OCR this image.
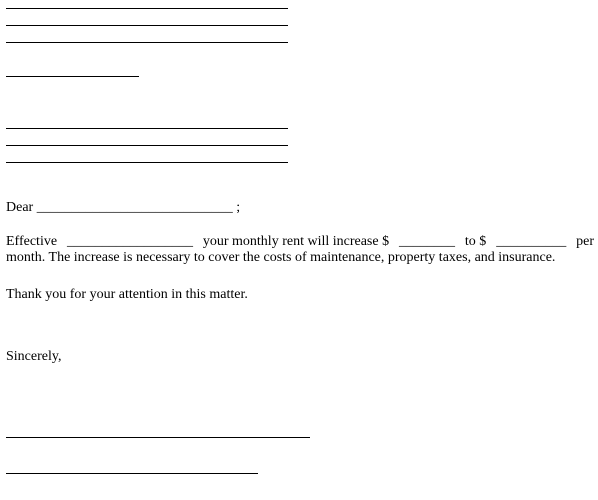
Dear ____________________________ ;
Effective __________________ your monthly rent will increase $ ________ to $ __________ per
month. The increase is necessary to cover the costs of maintenance, property taxes, and insurance.
Thank you for your attention in this matter.
Sincerely,
